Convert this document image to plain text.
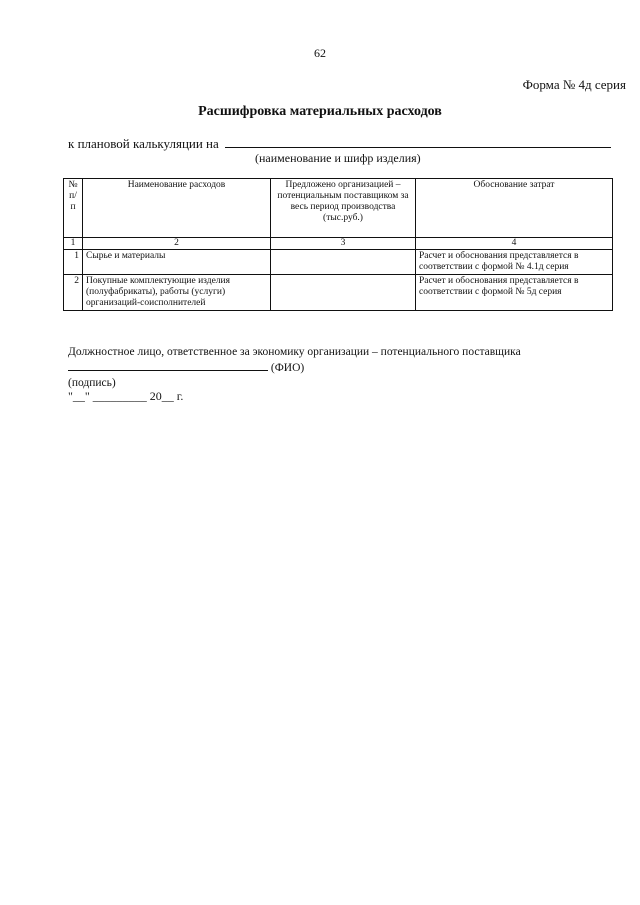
62
Форма № 4д серия
Расшифровка материальных расходов
к плановой калькуляции на
(наименование и шифр изделия)
№ п/п	Наименование расходов	Предложено организацией – потенциальным поставщиком за весь период производства (тыс.руб.)	Обоснование затрат
1	2	3	4
1	Сырье и материалы		Расчет и обоснования представляется в соответствии с формой № 4.1д серия
2	Покупные комплектующие изделия (полуфабрикаты), работы (услуги) организаций-соисполнителей		Расчет и обоснования представляется в соответствии с формой № 5д серия
Должностное лицо, ответственное за экономику организации – потенциального поставщика
(ФИО)
(подпись)
"__" _________ 20__ г.
